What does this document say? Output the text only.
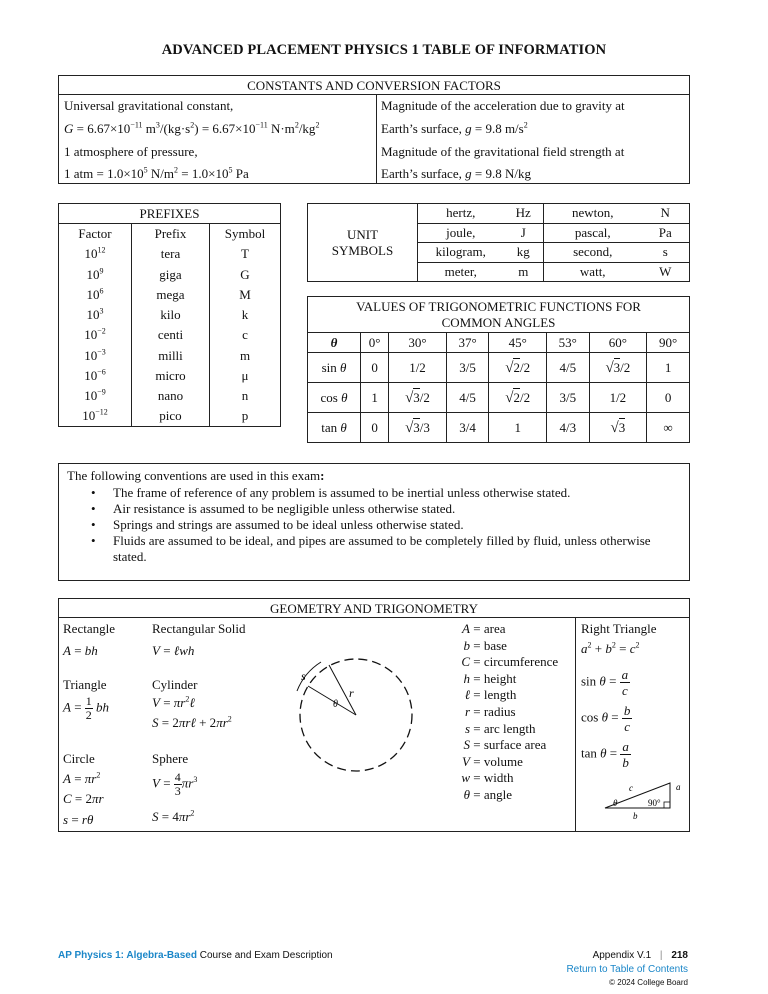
ADVANCED PLACEMENT PHYSICS 1 TABLE OF INFORMATION
CONSTANTS AND CONVERSION FACTORS
Universal gravitational constant,
$G = 6.67\times 10^{-11}$ $m^3/(kg\cdot s^2) = 6.67\times 10^{-11}$ $N\cdot m^2/kg^2$
1 atmosphere of pressure,
1 atm = $1.0\times 10^5$ $N/m^2 = 1.0\times 10^5$ Pa
Magnitude of the acceleration due to gravity at
Earth’s surface, g = 9.8 $m/s^2$
Magnitude of the gravitational field strength at
Earth’s surface, g = 9.8 N/kg
PREFIXES		
Factor	Prefix	Symbol
$10^{12}$	tera	T
$10^9$	giga	G
$10^6$	mega	M
$10^3$	kilo	k
$10^{-2}$	centi	c
$10^{-3}$	milli	m
$10^{-6}$	micro	μ
$10^{-9}$	nano	n
$10^{-12}$	pico	p
UNIT
SYMBOLS	hertz,	Hz	newton,	N
	joule,	J	pascal,	Pa
	kilogram,	kg	second,	s
	meter,	m	watt,	W
VALUES OF TRIGONOMETRIC FUNCTIONS FOR
COMMON ANGLES							

θ	0°	30°	37°	45°	53°	60°	90°
sin θ	0	1/2	3/5	√2/2	4/5	√3/2	1
cos θ	1	√3/2	4/5	√2/2	3/5	1/2	0
tan θ	0	√3/3	3/4	1	4/3	√3	∞

The following conventions are used in this exam:

• The frame of reference of any problem is assumed to be inertial unless otherwise stated.
• Air resistance is assumed to be negligible unless otherwise stated.
• Springs and strings are assumed to be ideal unless otherwise stated.
• Fluids are assumed to be ideal, and pipes are assumed to be completely filled by fluid, unless otherwise
stated.
GEOMETRY AND TRIGONOMETRY
Rectangle
A = bh
Rectangular Solid
V = ℓwh
Triangle
$A = \frac{1}{2}$ bh
Cylinder
$V = \pi r^2\ell$
S = 2πrℓ + $2\pi r^2$
Circle
$A = \pi r^2$
C = 2πr
s = rθ
Sphere
$V = \frac{4}{3} \pi r^3$
$S = 4\pi r^2$
s
r
θ
A = area
b = base
C = circumference
h = height
ℓ = length
r = radius
s = arc length
S = surface area
V = volume
w = width
θ = angle
Right Triangle
$a^2 + b^2 = c^2$
$\sin \theta = \frac{a}{c}$
$\cos \theta = \frac{b}{c}$
$\tan \theta = \frac{a}{b}$
c	a
b
θ	90°
AP Physics 1: Algebra-Based Course and Exam Description	Appendix V.1 | 218
Return to Table of Contents
© 2024 College Board
